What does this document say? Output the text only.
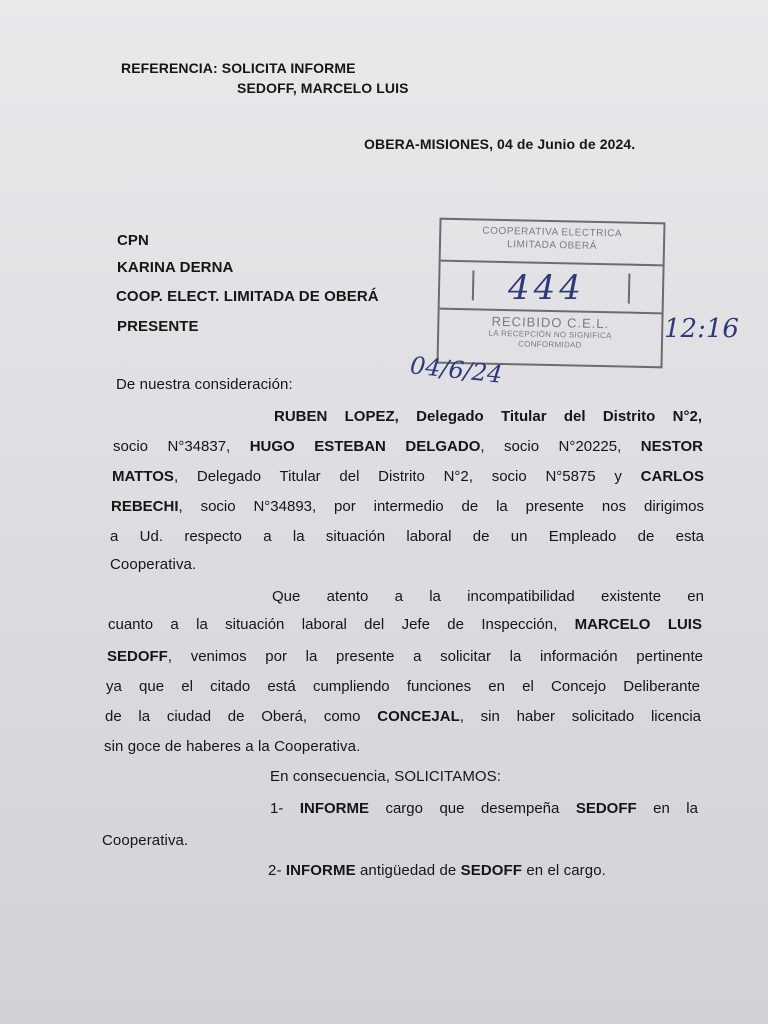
REFERENCIA: SOLICITA INFORME
SEDOFF, MARCELO LUIS
OBERA-MISIONES, 04 de Junio de 2024.
CPN
KARINA DERNA
COOP. ELECT. LIMITADA DE OBERÁ
PRESENTE
COOPERATIVA ELECTRICA
LIMITADA OBERÁ
RECIBIDO C.E.L.
LA RECEPCIÓN NO SIGNIFICA
CONFORMIDAD
444
12:16
04/6/24
De nuestra consideración:
RUBEN LOPEZ, Delegado Titular del Distrito N°2,
socio N°34837, HUGO ESTEBAN DELGADO, socio N°20225, NESTOR
MATTOS, Delegado Titular del Distrito N°2, socio N°5875 y CARLOS
REBECHI, socio N°34893, por intermedio de la presente nos dirigimos
a Ud. respecto a la situación laboral de un Empleado de esta
Cooperativa.
Que atento a la incompatibilidad existente en
cuanto a la situación laboral del Jefe de Inspección, MARCELO LUIS
SEDOFF, venimos por la presente a solicitar la información pertinente
ya que el citado está cumpliendo funciones en el Concejo Deliberante
de la ciudad de Oberá, como CONCEJAL, sin haber solicitado licencia
sin goce de haberes a la Cooperativa.
En consecuencia, SOLICITAMOS:
1- INFORME cargo que desempeña SEDOFF en la
Cooperativa.
2- INFORME antigüedad de SEDOFF en el cargo.
